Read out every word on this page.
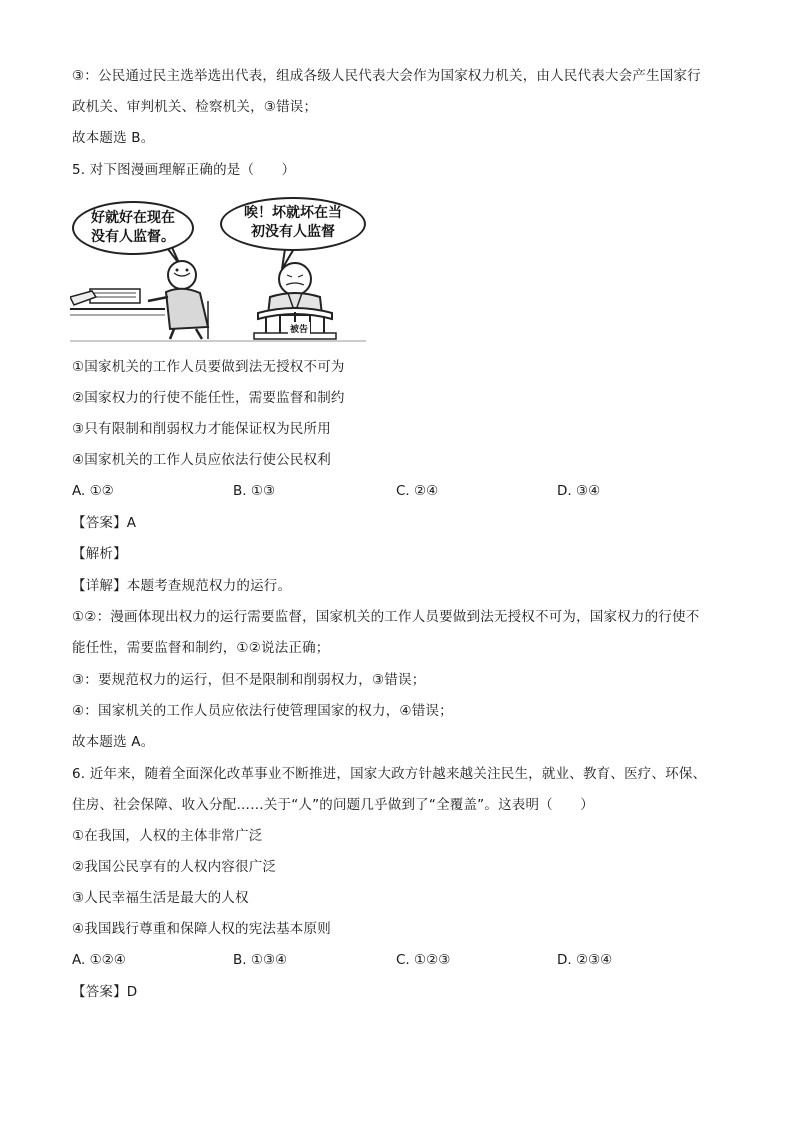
③：公民通过民主选举选出代表，组成各级人民代表大会作为国家权力机关，由人民代表大会产生国家行
政机关、审判机关、检察机关，③错误；
故本题选 B。
5. 对下图漫画理解正确的是（　　）
好就好在现在
没有人监督。
唉！坏就坏在当
初没有人监督
被告
①国家机关的工作人员要做到法无授权不可为
②国家权力的行使不能任性，需要监督和制约
③只有限制和削弱权力才能保证权为民所用
④国家机关的工作人员应依法行使公民权利
A. ①②	B. ①③	C. ②④	D. ③④
【答案】A
【解析】
【详解】本题考查规范权力的运行。
①②：漫画体现出权力的运行需要监督，国家机关的工作人员要做到法无授权不可为，国家权力的行使不
能任性，需要监督和制约，①②说法正确；
③：要规范权力的运行，但不是限制和削弱权力，③错误；
④：国家机关的工作人员应依法行使管理国家的权力，④错误；
故本题选 A。
6. 近年来，随着全面深化改革事业不断推进，国家大政方针越来越关注民生，就业、教育、医疗、环保、
住房、社会保障、收入分配……关于“人”的问题几乎做到了“全覆盖”。这表明（　　）
①在我国，人权的主体非常广泛
②我国公民享有的人权内容很广泛
③人民幸福生活是最大的人权
④我国践行尊重和保障人权的宪法基本原则
A. ①②④	B. ①③④	C. ①②③	D. ②③④
【答案】D
